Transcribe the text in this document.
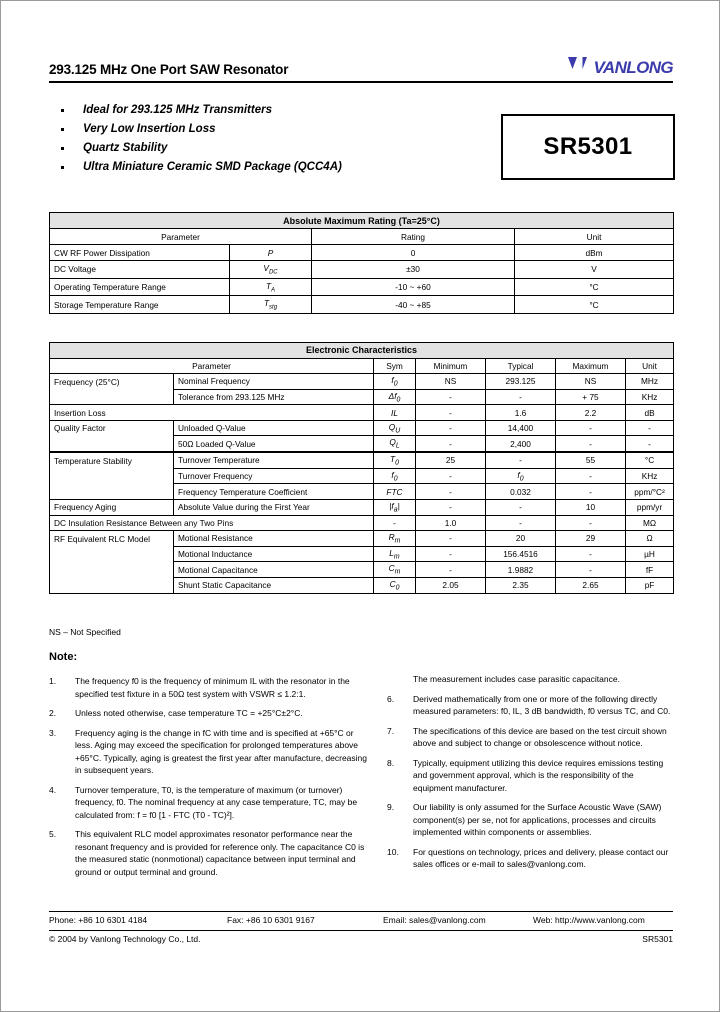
293.125 MHz One Port SAW Resonator	VANLONG
Ideal for 293.125 MHz Transmitters
Very Low Insertion Loss
Quartz Stability
Ultra Miniature Ceramic SMD Package (QCC4A)
SR5301
Absolute Maximum Rating (Ta=25°C)			
Parameter		Rating	Unit
CW RF Power Dissipation	P	0	dBm
DC Voltage	$V_{DC}$	±30	V
Operating Temperature Range	$T_A$	-10 ~ +60	°C
Storage Temperature Range	$T_{stg}$	-40 ~ +85	°C
Electronic Characteristics						
Parameter		Sym	Minimum	Typical	Maximum	Unit
Frequency (25°C)	Nominal Frequency	$f_0$	NS	293.125	NS	MHz
	Tolerance from 293.125 MHz	$\Delta f_0$	-	-	+ 75	KHz
Insertion Loss		IL	-	1.6	2.2	dB
Quality Factor	Unloaded Q-Value	$Q_U$	-	14,400	-	-
	50Ω Loaded Q-Value	$Q_L$	-	2,400	-	-
Temperature Stability	Turnover Temperature	$T_0$	25	-	55	°C
	Turnover Frequency	$f_0$	-	$f_0$	-	KHz
	Frequency Temperature Coefficient	FTC	-	0.032	-	ppm/°C²
Frequency Aging	Absolute Value during the First Year	$|f_a|$	-	-	10	ppm/yr
DC Insulation Resistance Between any Two Pins		-	1.0	-	-	MΩ
RF Equivalent RLC Model	Motional Resistance	$R_m$	-	20	29	Ω
	Motional Inductance	$L_m$	-	156.4516	-	µH
	Motional Capacitance	$C_m$	-	1.9882	-	fF
	Shunt Static Capacitance	$C_0$	2.05	2.35	2.65	pF
NS – Not Specified
Note:
1.	The frequency f0 is the frequency of minimum IL with the resonator in the specified test fixture in a 50Ω test system with VSWR ≤ 1.2:1.
2.	Unless noted otherwise, case temperature TC = +25°C±2°C.
3.	Frequency aging is the change in fC with time and is specified at +65°C or less. Aging may exceed the specification for prolonged temperatures above +65°C. Typically, aging is greatest the first year after manufacture, decreasing in subsequent years.
4.	Turnover temperature, T0, is the temperature of maximum (or turnover) frequency, f0. The nominal frequency at any case temperature, TC, may be calculated from: f = f0 [1 - FTC (T0 - TC)²].
5.	This equivalent RLC model approximates resonator performance near the resonant frequency and is provided for reference only. The capacitance C0 is the measured static (nonmotional) capacitance between input terminal and ground or output terminal and ground.
The measurement includes case parasitic capacitance.
6.	Derived mathematically from one or more of the following directly measured parameters: f0, IL, 3 dB bandwidth, f0 versus TC, and C0.
7.	The specifications of this device are based on the test circuit shown above and subject to change or obsolescence without notice.
8.	Typically, equipment utilizing this device requires emissions testing and government approval, which is the responsibility of the equipment manufacturer.
9.	Our liability is only assumed for the Surface Acoustic Wave (SAW) component(s) per se, not for applications, processes and circuits implemented within components or assemblies.
10.	For questions on technology, prices and delivery, please contact our sales offices or e-mail to sales@vanlong.com.
Phone: +86 10 6301 4184	Fax: +86 10 6301 9167	Email: sales@vanlong.com	Web: http://www.vanlong.com
© 2004 by Vanlong Technology Co., Ltd.	SR5301
